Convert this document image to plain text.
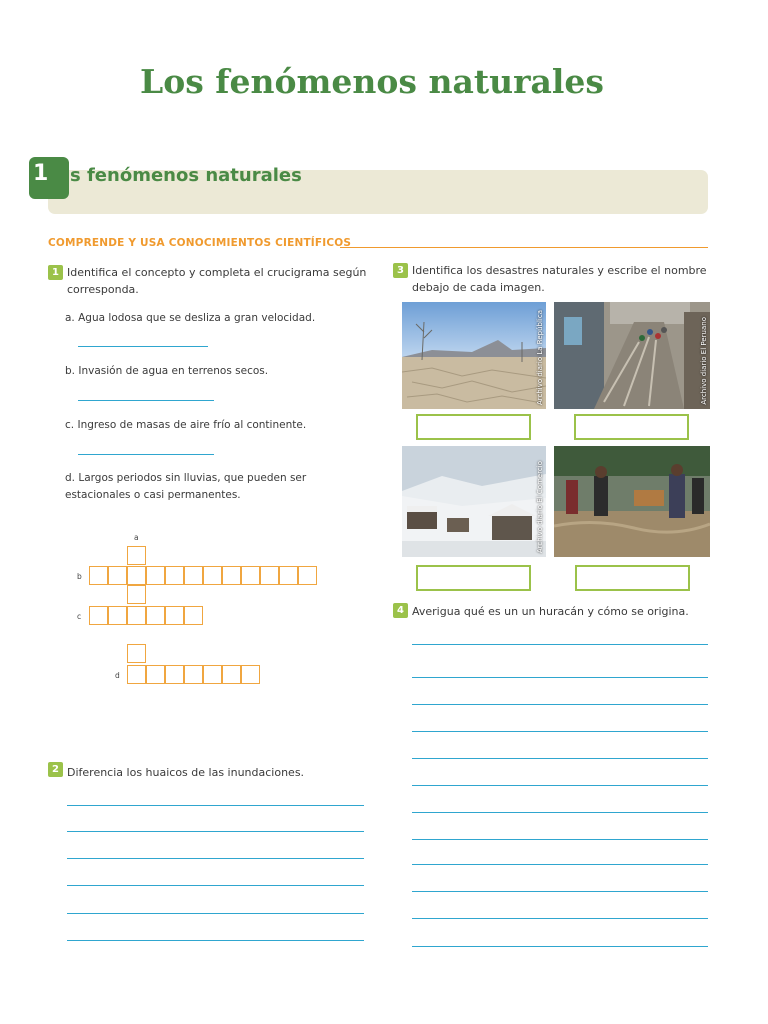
Los fenómenos naturales
1	s fenómenos naturales
COMPRENDE Y USA CONOCIMIENTOS CIENTÍFICOS
1 Identifica el concepto y completa el crucigrama según corresponda.
a. Agua lodosa que se desliza a gran velocidad.
b. Invasión de agua en terrenos secos.
c. Ingreso de masas de aire frío al continente.
d. Largos periodos sin lluvias, que pueden ser estacionales o casi permanentes.
a
b
c
d
2 Diferencia los huaicos de las inundaciones.
3 Identifica los desastres naturales y escribe el nombre debajo de cada imagen.
Archivo diario La República	Archivo diario El Peruano
Archivo diario El Comercio
4 Averigua qué es un un huracán y cómo se origina.
